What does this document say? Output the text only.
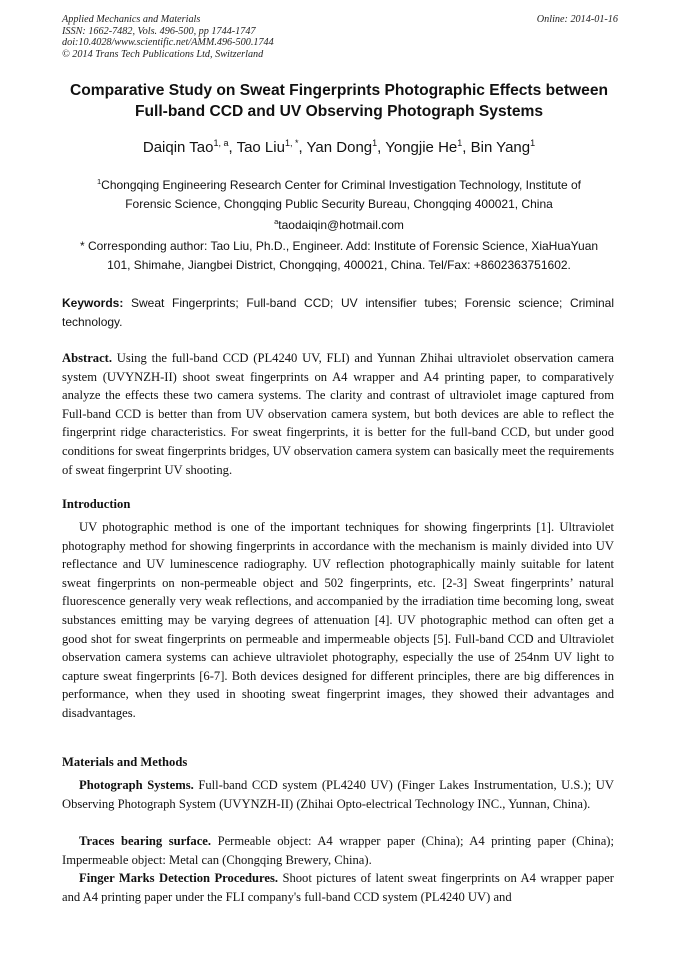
Applied Mechanics and Materials
ISSN: 1662-7482, Vols. 496-500, pp 1744-1747
doi:10.4028/www.scientific.net/AMM.496-500.1744
© 2014 Trans Tech Publications Ltd, Switzerland
Online: 2014-01-16
Comparative Study on Sweat Fingerprints Photographic Effects between
Full-band CCD and UV Observing Photograph Systems
Daiqin Tao$^{1, a}$, Tao Liu$^{1, *}$, Yan Dong$^1$, Yongjie He$^1$, Bin Yang$^1$
$^1$Chongqing Engineering Research Center for Criminal Investigation Technology, Institute of
Forensic Science, Chongqing Public Security Bureau, Chongqing 400021, China
$^a$taodaiqin@hotmail.com
* Corresponding author: Tao Liu, Ph.D., Engineer. Add: Institute of Forensic Science, XiaHuaYuan
101, Shimahe, Jiangbei District, Chongqing, 400021, China. Tel/Fax: +8602363751602.
Keywords: Sweat Fingerprints; Full-band CCD; UV intensifier tubes; Forensic science; Criminal technology.
Abstract. Using the full-band CCD (PL4240 UV, FLI) and Yunnan Zhihai ultraviolet observation camera system (UVYNZH-II) shoot sweat fingerprints on A4 wrapper and A4 printing paper, to comparatively analyze the effects these two camera systems. The clarity and contrast of ultraviolet image captured from Full-band CCD is better than from UV observation camera system, but both devices are able to reflect the fingerprint ridge characteristics. For sweat fingerprints, it is better for the full-band CCD, but under good conditions for sweat fingerprints bridges, UV observation camera system can basically meet the requirements of sweat fingerprint UV shooting.
Introduction
UV photographic method is one of the important techniques for showing fingerprints [1]. Ultraviolet photography method for showing fingerprints in accordance with the mechanism is mainly divided into UV reflectance and UV luminescence radiography. UV reflection photographically mainly suitable for latent sweat fingerprints on non-permeable object and 502 fingerprints, etc. [2-3] Sweat fingerprints’ natural fluorescence generally very weak reflections, and accompanied by the irradiation time becoming long, sweat substances emitting may be varying degrees of attenuation [4]. UV photographic method can often get a good shot for sweat fingerprints on permeable and impermeable objects [5]. Full-band CCD and Ultraviolet observation camera systems can achieve ultraviolet photography, especially the use of 254nm UV light to capture sweat fingerprints [6-7]. Both devices designed for different principles, there are big differences in performance, when they used in shooting sweat fingerprint images, they showed their advantages and disadvantages.
Materials and Methods
Photograph Systems. Full-band CCD system (PL4240 UV) (Finger Lakes Instrumentation, U.S.); UV Observing Photograph System (UVYNZH-II) (Zhihai Opto-electrical Technology INC., Yunnan, China).
Traces bearing surface. Permeable object: A4 wrapper paper (China); A4 printing paper (China); Impermeable object: Metal can (Chongqing Brewery, China).
Finger Marks Detection Procedures. Shoot pictures of latent sweat fingerprints on A4 wrapper paper and A4 printing paper under the FLI company's full-band CCD system (PL4240 UV) and
